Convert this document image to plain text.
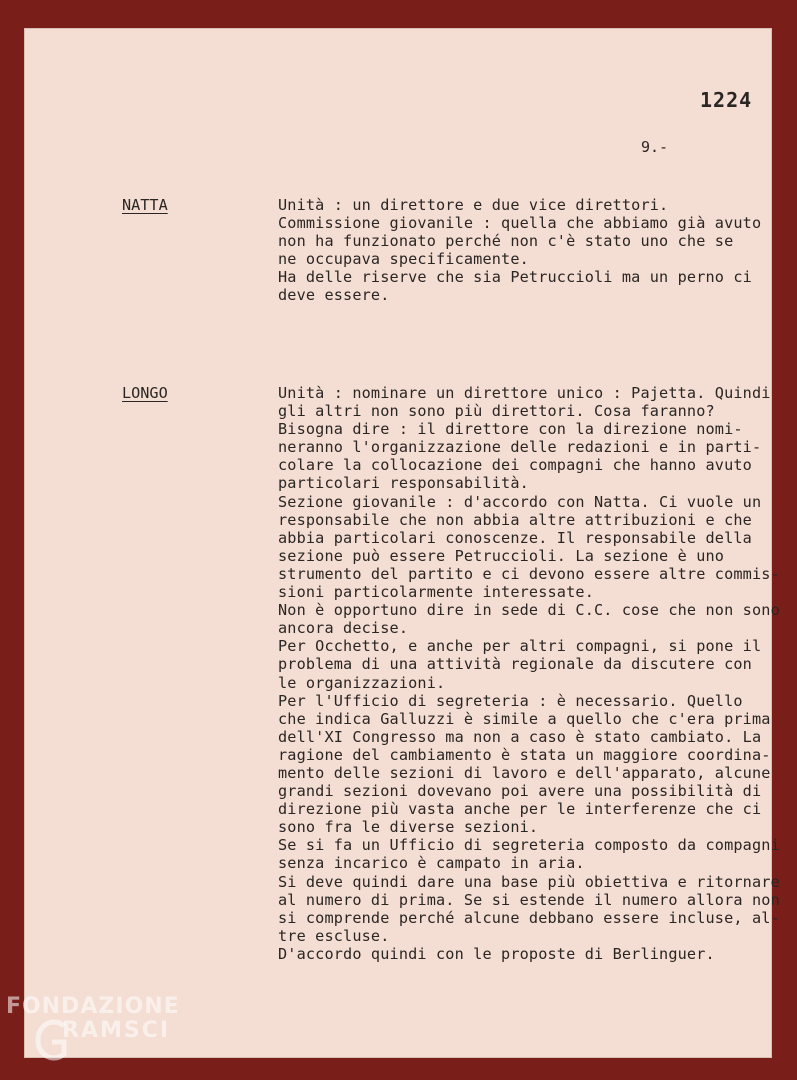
1224
9.-
NATTA	Unità : un direttore e due vice direttori.
Commissione giovanile : quella che abbiamo già avuto
non ha funzionato perché non c'è stato uno che se
ne occupava specificamente.
Ha delle riserve che sia Petruccioli ma un perno ci
deve essere.
LONGO	Unità : nominare un direttore unico : Pajetta. Quindi
gli altri non sono più direttori. Cosa faranno?
Bisogna dire : il direttore con la direzione nomi-
neranno l'organizzazione delle redazioni e in parti-
colare la collocazione dei compagni che hanno avuto
particolari responsabilità.
Sezione giovanile : d'accordo con Natta. Ci vuole un
responsabile che non abbia altre attribuzioni e che
abbia particolari conoscenze. Il responsabile della
sezione può essere Petruccioli. La sezione è uno
strumento del partito e ci devono essere altre commis-
sioni particolarmente interessate.
Non è opportuno dire in sede di C.C. cose che non sono
ancora decise.
Per Occhetto, e anche per altri compagni, si pone il
problema di una attività regionale da discutere con
le organizzazioni.
Per l'Ufficio di segreteria : è necessario. Quello
che indica Galluzzi è simile a quello che c'era prima
dell'XI Congresso ma non a caso è stato cambiato. La
ragione del cambiamento è stata un maggiore coordina-
mento delle sezioni di lavoro e dell'apparato, alcune
grandi sezioni dovevano poi avere una possibilità di
direzione più vasta anche per le interferenze che ci
sono fra le diverse sezioni.
Se si fa un Ufficio di segreteria composto da compagni
senza incarico è campato in aria.
Si deve quindi dare una base più obiettiva e ritornare
al numero di prima. Se si estende il numero allora non
si comprende perché alcune debbano essere incluse, al-
tre escluse.
D'accordo quindi con le proposte di Berlinguer.
FONDAZIONE
RAMSCI
